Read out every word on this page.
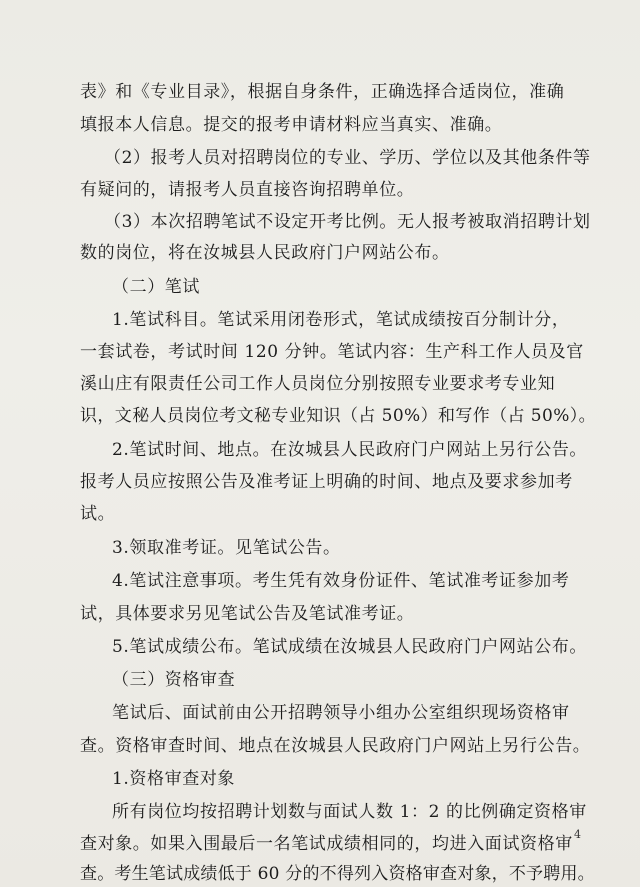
表》和《专业目录》，根据自身条件，正确选择合适岗位，准确
填报本人信息。提交的报考申请材料应当真实、准确。
（2）报考人员对招聘岗位的专业、学历、学位以及其他条件等
有疑问的，请报考人员直接咨询招聘单位。
（3）本次招聘笔试不设定开考比例。无人报考被取消招聘计划
数的岗位，将在汝城县人民政府门户网站公布。
（二）笔试
1.笔试科目。笔试采用闭卷形式，笔试成绩按百分制计分，
一套试卷，考试时间 120 分钟。笔试内容：生产科工作人员及官
溪山庄有限责任公司工作人员岗位分别按照专业要求考专业知
识，文秘人员岗位考文秘专业知识（占 50%）和写作（占 50%）。
2.笔试时间、地点。在汝城县人民政府门户网站上另行公告。
报考人员应按照公告及准考证上明确的时间、地点及要求参加考
试。
3.领取准考证。见笔试公告。
4.笔试注意事项。考生凭有效身份证件、笔试准考证参加考
试，具体要求另见笔试公告及笔试准考证。
5.笔试成绩公布。笔试成绩在汝城县人民政府门户网站公布。
（三）资格审查
笔试后、面试前由公开招聘领导小组办公室组织现场资格审
查。资格审查时间、地点在汝城县人民政府门户网站上另行公告。
1.资格审查对象
所有岗位均按招聘计划数与面试人数 1：2 的比例确定资格审
查对象。如果入围最后一名笔试成绩相同的，均进入面试资格审
查。考生笔试成绩低于 60 分的不得列入资格审查对象，不予聘用。
4
